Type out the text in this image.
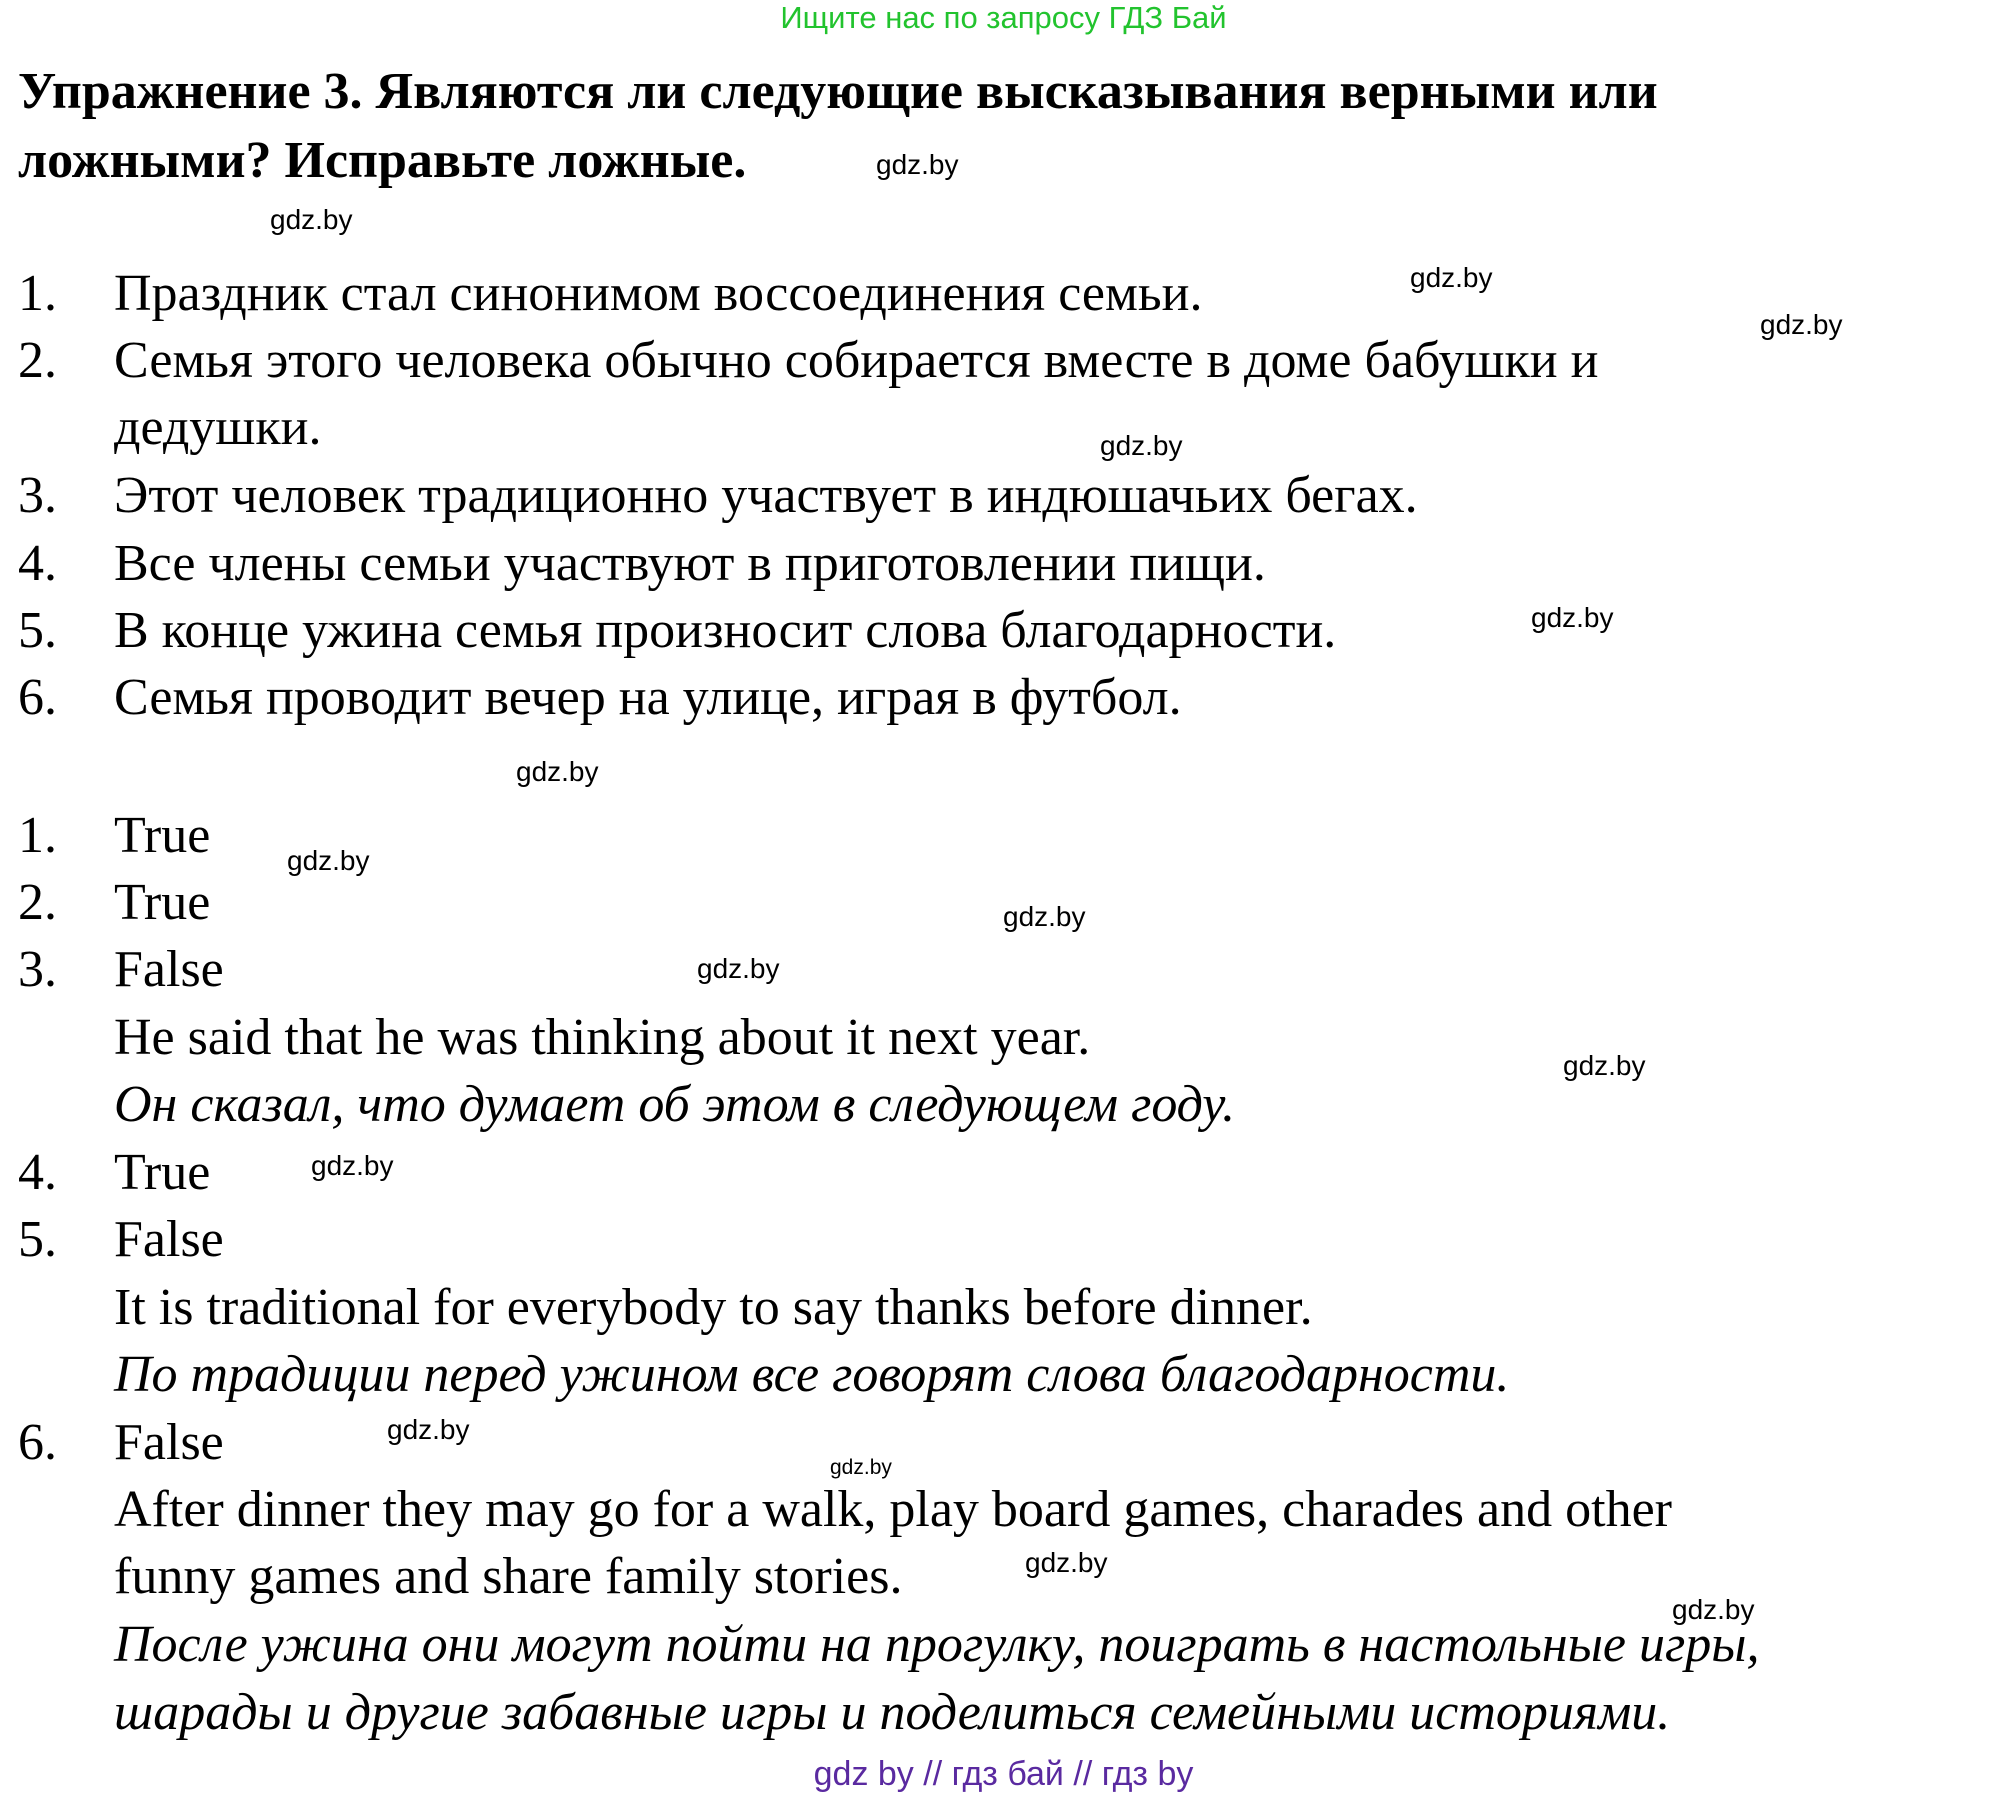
Ищите нас по запросу ГДЗ Бай
Упражнение 3. Являются ли следующие высказывания верными или
ложными? Исправьте ложные.
1. Праздник стал синонимом воссоединения семьи.
2. Семья этого человека обычно собирается вместе в доме бабушки и
дедушки.
3. Этот человек традиционно участвует в индюшачьих бегах.
4. Все члены семьи участвуют в приготовлении пищи.
5. В конце ужина семья произносит слова благодарности.
6. Семья проводит вечер на улице, играя в футбол.
1. True
2. True
3. False
He said that he was thinking about it next year.
Он сказал, что думает об этом в следующем году.
4. True
5. False
It is traditional for everybody to say thanks before dinner.
По традиции перед ужином все говорят слова благодарности.
6. False
After dinner they may go for a walk, play board games, charades and other
funny games and share family stories.
После ужина они могут пойти на прогулку, поиграть в настольные игры,
шарады и другие забавные игры и поделиться семейными историями.
gdz.by
gdz.by
gdz.by
gdz.by
gdz.by
gdz.by
gdz.by
gdz.by
gdz.by
gdz.by
gdz.by
gdz.by
gdz.by
gdz.by
gdz.by
gdz.by
gdz by // гдз бай // гдз by
